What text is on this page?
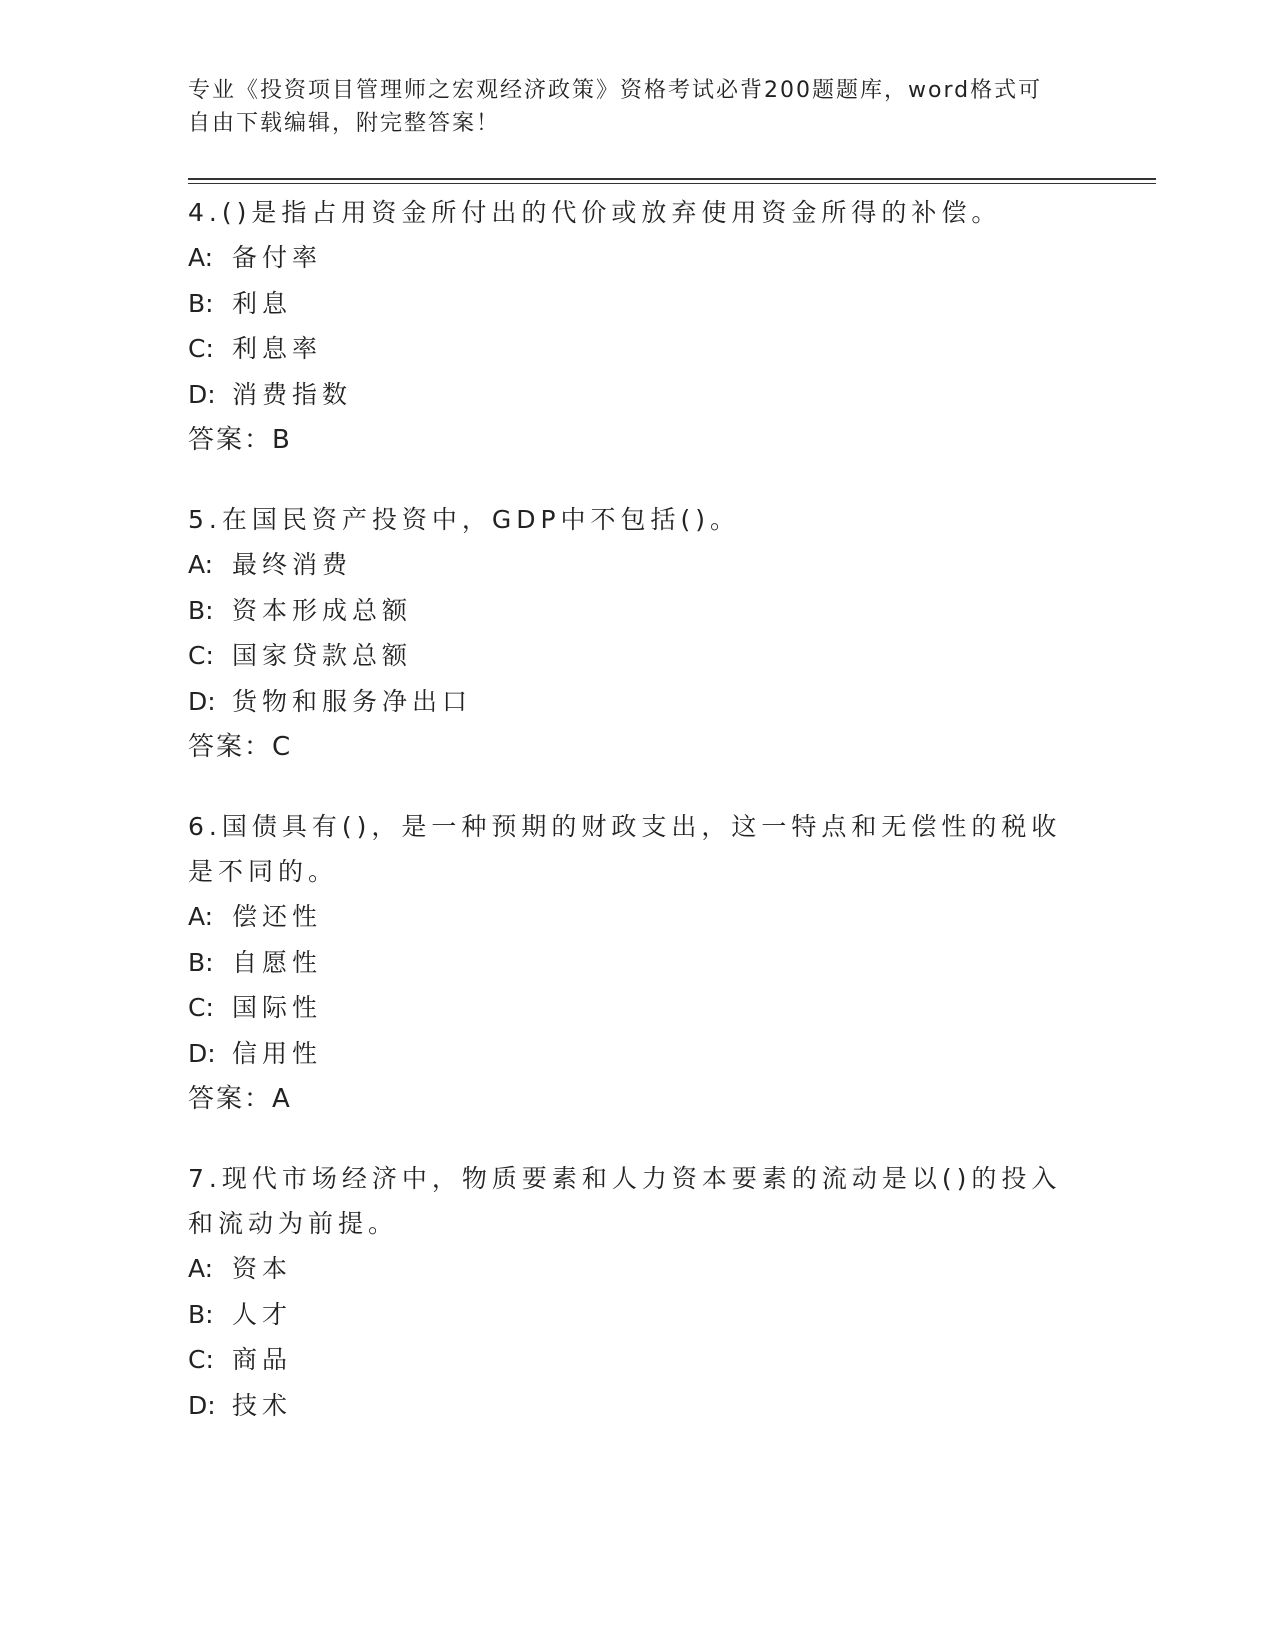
专业《投资项目管理师之宏观经济政策》资格考试必背200题题库，word格式可
自由下载编辑，附完整答案！
4.()是指占用资金所付出的代价或放弃使用资金所得的补偿。
A: 备付率
B: 利息
C: 利息率
D: 消费指数
答案：B
5.在国民资产投资中，GDP中不包括()。
A: 最终消费
B: 资本形成总额
C: 国家贷款总额
D: 货物和服务净出口
答案：C
6.国债具有()，是一种预期的财政支出，这一特点和无偿性的税收是不同的。
A: 偿还性
B: 自愿性
C: 国际性
D: 信用性
答案：A
7.现代市场经济中，物质要素和人力资本要素的流动是以()的投入和流动为前提。
A: 资本
B: 人才
C: 商品
D: 技术
